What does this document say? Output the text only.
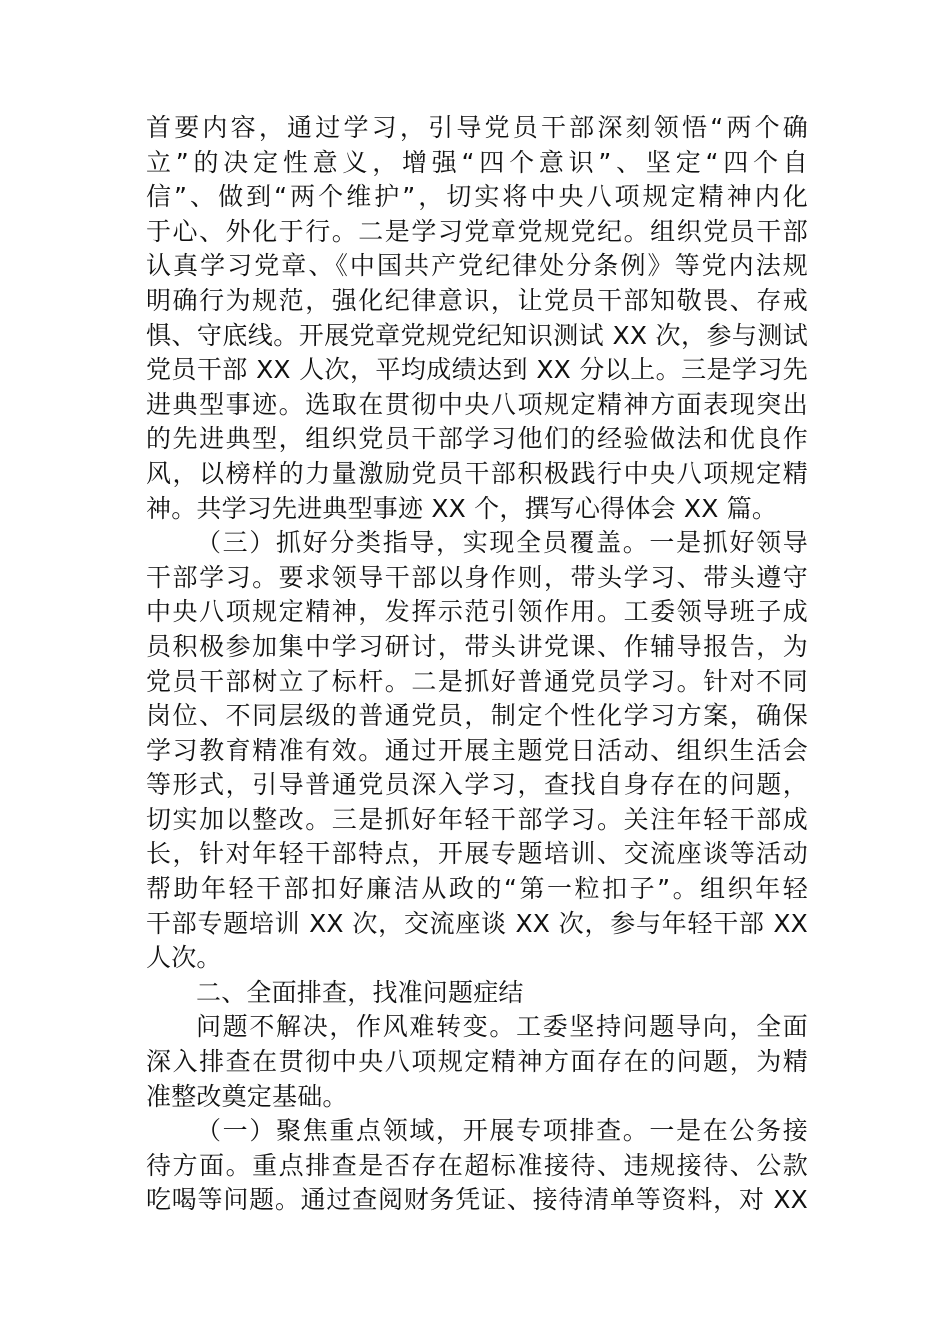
首要内容，通过学习，引导党员干部深刻领悟“两个确
立”的决定性意义，增强“四个意识”、坚定“四个自
信”、做到“两个维护”，切实将中央八项规定精神内化
于心、外化于行。二是学习党章党规党纪。组织党员干部
认真学习党章、《中国共产党纪律处分条例》等党内法规
明确行为规范，强化纪律意识，让党员干部知敬畏、存戒
惧、守底线。开展党章党规党纪知识测试 XX 次，参与测试
党员干部 XX 人次，平均成绩达到 XX 分以上。三是学习先
进典型事迹。选取在贯彻中央八项规定精神方面表现突出
的先进典型，组织党员干部学习他们的经验做法和优良作
风，以榜样的力量激励党员干部积极践行中央八项规定精
神。共学习先进典型事迹 XX 个，撰写心得体会 XX 篇。
（三）抓好分类指导，实现全员覆盖。一是抓好领导
干部学习。要求领导干部以身作则，带头学习、带头遵守
中央八项规定精神，发挥示范引领作用。工委领导班子成
员积极参加集中学习研讨，带头讲党课、作辅导报告，为
党员干部树立了标杆。二是抓好普通党员学习。针对不同
岗位、不同层级的普通党员，制定个性化学习方案，确保
学习教育精准有效。通过开展主题党日活动、组织生活会
等形式，引导普通党员深入学习，查找自身存在的问题，
切实加以整改。三是抓好年轻干部学习。关注年轻干部成
长，针对年轻干部特点，开展专题培训、交流座谈等活动
帮助年轻干部扣好廉洁从政的“第一粒扣子”。组织年轻
干部专题培训 XX 次，交流座谈 XX 次，参与年轻干部 XX
人次。
二、全面排查，找准问题症结
问题不解决，作风难转变。工委坚持问题导向，全面
深入排查在贯彻中央八项规定精神方面存在的问题，为精
准整改奠定基础。
（一）聚焦重点领域，开展专项排查。一是在公务接
待方面。重点排查是否存在超标准接待、违规接待、公款
吃喝等问题。通过查阅财务凭证、接待清单等资料，对 XX
